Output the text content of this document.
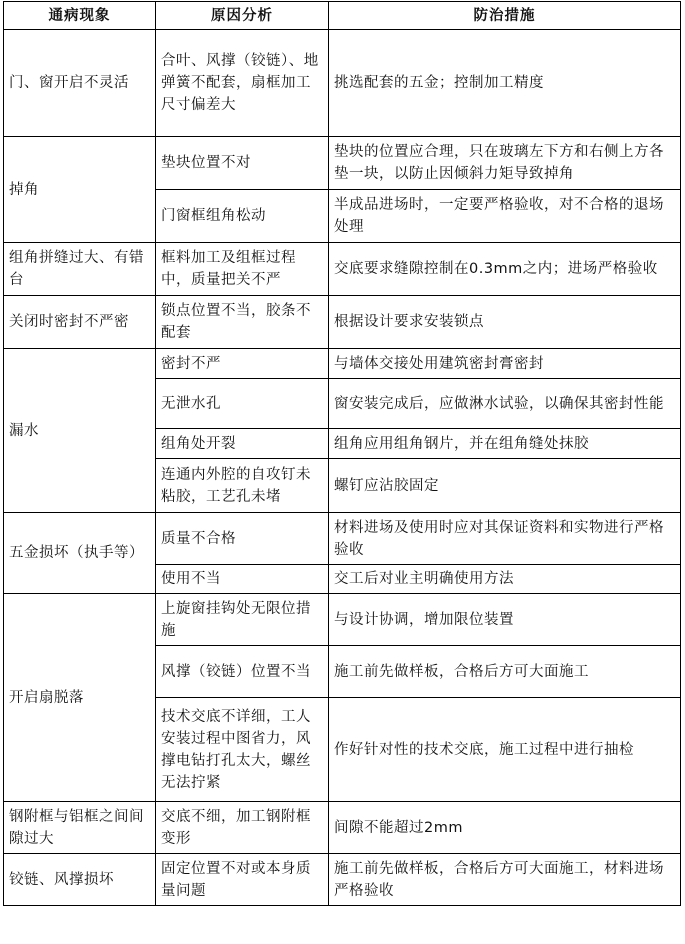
通病现象	原因分析	防治措施
门、窗开启不灵活	合叶、风撑（铰链）、地弹簧不配套，扇框加工尺寸偏差大	挑选配套的五金；控制加工精度
掉角	垫块位置不对	垫块的位置应合理，只在玻璃左下方和右侧上方各垫一块，以防止因倾斜力矩导致掉角
	门窗框组角松动	半成品进场时，一定要严格验收，对不合格的退场处理
组角拼缝过大、有错台	框料加工及组框过程中，质量把关不严	交底要求缝隙控制在0.3mm之内；进场严格验收
关闭时密封不严密	锁点位置不当，胶条不配套	根据设计要求安装锁点
漏水	密封不严	与墙体交接处用建筑密封膏密封
	无泄水孔	窗安装完成后，应做淋水试验，以确保其密封性能
	组角处开裂	组角应用组角钢片，并在组角缝处抹胶
	连通内外腔的自攻钉未粘胶，工艺孔未堵	螺钉应沾胶固定
五金损坏（执手等）	质量不合格	材料进场及使用时应对其保证资料和实物进行严格验收
	使用不当	交工后对业主明确使用方法
开启扇脱落	上旋窗挂钩处无限位措施	与设计协调，增加限位装置
	风撑（铰链）位置不当	施工前先做样板，合格后方可大面施工
	技术交底不详细，工人安装过程中图省力，风撑电钻打孔太大，螺丝无法拧紧	作好针对性的技术交底，施工过程中进行抽检
钢附框与铝框之间间隙过大	交底不细，加工钢附框变形	间隙不能超过2mm
铰链、风撑损坏	固定位置不对或本身质量问题	施工前先做样板，合格后方可大面施工，材料进场严格验收
